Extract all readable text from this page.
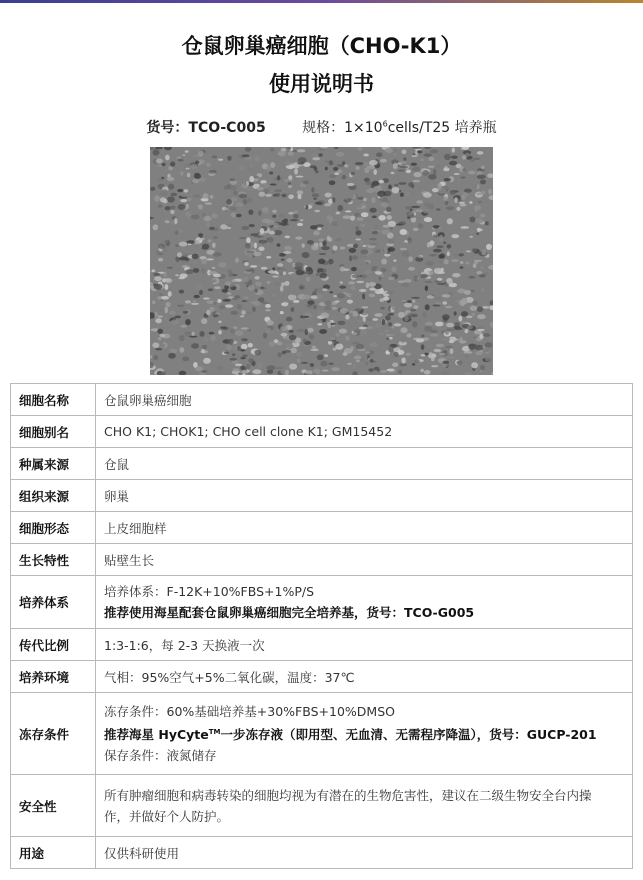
仓鼠卵巢癌细胞（CHO-K1）
使用说明书
货号：TCO-C005	规格：$1\times 10^6cells/T25$ 培养瓶
细胞名称	仓鼠卵巢癌细胞
细胞别名	CHO K1; CHOK1; CHO cell clone K1; GM15452
种属来源	仓鼠
组织来源	卵巢
细胞形态	上皮细胞样
生长特性	贴壁生长
培养体系	培养体系：F-12K+10%FBS+1%P/S
推荐使用海星配套仓鼠卵巢癌细胞完全培养基，货号：TCO-G005

传代比例	1:3-1:6，每 2-3 天换液一次
培养环境	气相：95%空气+5%二氧化碳，温度：37℃
冻存条件	冻存条件：60%基础培养基+30%FBS+10%DMSO
推荐海星 HyCyte™一步冻存液（即用型、无血清、无需程序降温），货号：GUCP-201
保存条件：液氮储存

安全性	所有肿瘤细胞和病毒转染的细胞均视为有潜在的生物危害性，建议在二级生物安全台内操
作，并做好个人防护。

用途	仅供科研使用
